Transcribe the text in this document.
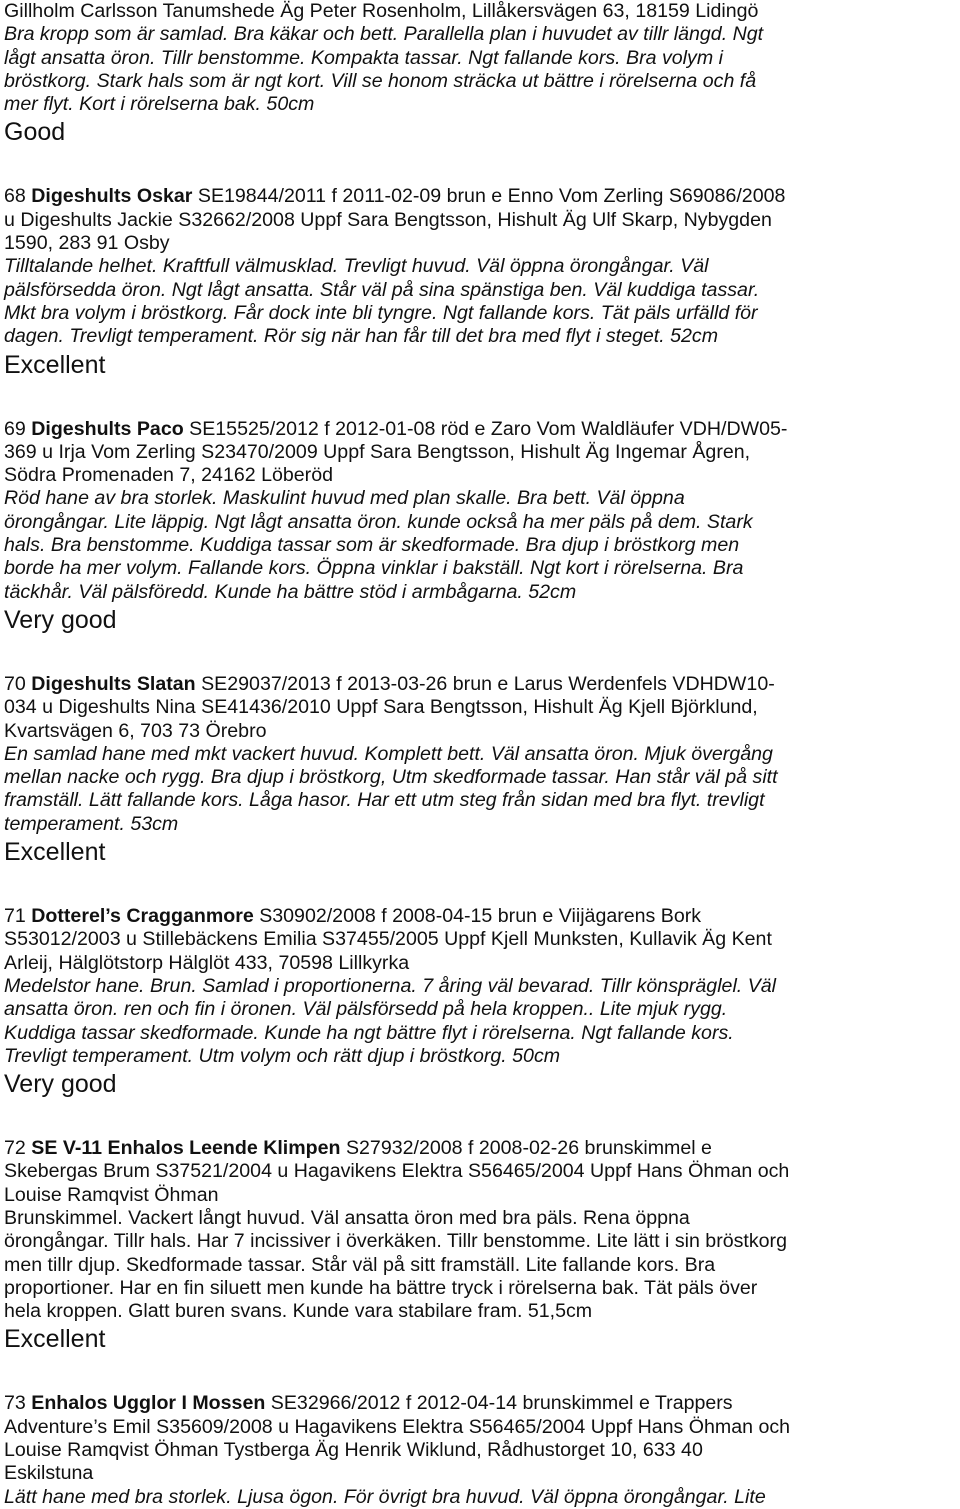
Gillholm Carlsson Tanumshede Äg Peter Rosenholm, Lillåkersvägen 63, 18159 Lidingö
Bra kropp som är samlad. Bra käkar och bett. Parallella plan i huvudet av tillr längd. Ngt
lågt ansatta öron. Tillr benstomme. Kompakta tassar. Ngt fallande kors. Bra volym i
bröstkorg. Stark hals som är ngt kort. Vill se honom sträcka ut bättre i rörelserna och få
mer flyt. Kort i rörelserna bak. 50cm
Good
68 Digeshults Oskar SE19844/2011 f 2011-02-09 brun e Enno Vom Zerling S69086/2008
u Digeshults Jackie S32662/2008 Uppf Sara Bengtsson, Hishult Äg Ulf Skarp, Nybygden
1590, 283 91 Osby
Tilltalande helhet. Kraftfull välmusklad. Trevligt huvud. Väl öppna örongångar. Väl
pälsförsedda öron. Ngt lågt ansatta. Står väl på sina spänstiga ben. Väl kuddiga tassar.
Mkt bra volym i bröstkorg. Får dock inte bli tyngre. Ngt fallande kors. Tät päls urfälld för
dagen. Trevligt temperament. Rör sig när han får till det bra med flyt i steget. 52cm
Excellent
69 Digeshults Paco SE15525/2012 f 2012-01-08 röd e Zaro Vom Waldläufer VDH/DW05-
369 u Irja Vom Zerling S23470/2009 Uppf Sara Bengtsson, Hishult Äg Ingemar Ågren,
Södra Promenaden 7, 24162 Löberöd
Röd hane av bra storlek. Maskulint huvud med plan skalle. Bra bett. Väl öppna
örongångar. Lite läppig. Ngt lågt ansatta öron. kunde också ha mer päls på dem. Stark
hals. Bra benstomme. Kuddiga tassar som är skedformade. Bra djup i bröstkorg men
borde ha mer volym. Fallande kors. Öppna vinklar i bakställ. Ngt kort i rörelserna. Bra
täckhår. Väl pälsföredd. Kunde ha bättre stöd i armbågarna. 52cm
Very good
70 Digeshults Slatan SE29037/2013 f 2013-03-26 brun e Larus Werdenfels VDHDW10-
034 u Digeshults Nina SE41436/2010 Uppf Sara Bengtsson, Hishult Äg Kjell Björklund,
Kvartsvägen 6, 703 73 Örebro
En samlad hane med mkt vackert huvud. Komplett bett. Väl ansatta öron. Mjuk övergång
mellan nacke och rygg. Bra djup i bröstkorg, Utm skedformade tassar. Han står väl på sitt
framställ. Lätt fallande kors. Låga hasor. Har ett utm steg från sidan med bra flyt. trevligt
temperament. 53cm
Excellent
71 Dotterel’s Cragganmore S30902/2008 f 2008-04-15 brun e Viijägarens Bork
S53012/2003 u Stillebäckens Emilia S37455/2005 Uppf Kjell Munksten, Kullavik Äg Kent
Arleij, Hälglötstorp Hälglöt 433, 70598 Lillkyrka
Medelstor hane. Brun. Samlad i proportionerna. 7 åring väl bevarad. Tillr könspräglel. Väl
ansatta öron. ren och fin i öronen. Väl pälsförsedd på hela kroppen.. Lite mjuk rygg.
Kuddiga tassar skedformade. Kunde ha ngt bättre flyt i rörelserna. Ngt fallande kors.
Trevligt temperament. Utm volym och rätt djup i bröstkorg. 50cm
Very good
72 SE V-11 Enhalos Leende Klimpen S27932/2008 f 2008-02-26 brunskimmel e
Skebergas Brum S37521/2004 u Hagavikens Elektra S56465/2004 Uppf Hans Öhman och
Louise Ramqvist Öhman
Brunskimmel. Vackert långt huvud. Väl ansatta öron med bra päls. Rena öppna
örongångar. Tillr hals. Har 7 incissiver i överkäken. Tillr benstomme. Lite lätt i sin bröstkorg
men tillr djup. Skedformade tassar. Står väl på sitt framställ. Lite fallande kors. Bra
proportioner. Har en fin siluett men kunde ha bättre tryck i rörelserna bak. Tät päls över
hela kroppen. Glatt buren svans. Kunde vara stabilare fram. 51,5cm
Excellent
73 Enhalos Ugglor I Mossen SE32966/2012 f 2012-04-14 brunskimmel e Trappers
Adventure’s Emil S35609/2008 u Hagavikens Elektra S56465/2004 Uppf Hans Öhman och
Louise Ramqvist Öhman Tystberga Äg Henrik Wiklund, Rådhustorget 10, 633 40
Eskilstuna
Lätt hane med bra storlek. Ljusa ögon. För övrigt bra huvud. Väl öppna örongångar. Lite
